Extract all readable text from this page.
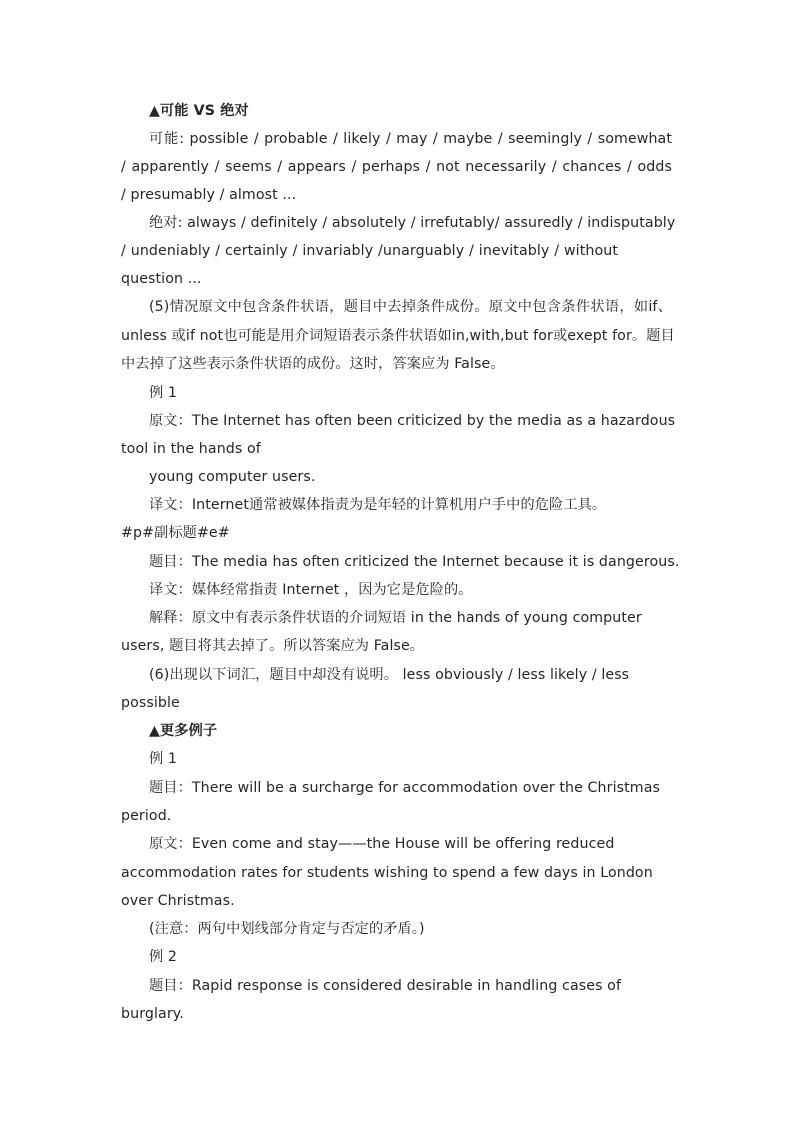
▲可能 VS 绝对
可能: possible / probable / likely / may / maybe / seemingly / somewhat
/ apparently / seems / appears / perhaps / not necessarily / chances / odds
/ presumably / almost ...
绝对: always / definitely / absolutely / irrefutably/ assuredly / indisputably
/ undeniably / certainly / invariably /unarguably / inevitably / without
question ...
(5)情况原文中包含条件状语，题目中去掉条件成份。原文中包含条件状语，如if、
unless 或if not也可能是用介词短语表示条件状语如in,with,but for或exept for。题目
中去掉了这些表示条件状语的成份。这时，答案应为 False。
例 1
原文：The Internet has often been criticized by the media as a hazardous
tool in the hands of
young computer users.
译文：Internet通常被媒体指责为是年轻的计算机用户手中的危险工具。
#p#副标题#e#
题目：The media has often criticized the Internet because it is dangerous.
译文：媒体经常指责 Internet ，因为它是危险的。
解释：原文中有表示条件状语的介词短语 in the hands of young computer
users, 题目将其去掉了。所以答案应为 False。
(6)出现以下词汇，题目中却没有说明。 less obviously / less likely / less
possible
▲更多例子
例 1
题目：There will be a surcharge for accommodation over the Christmas
period.
原文：Even come and stay——the House will be offering reduced
accommodation rates for students wishing to spend a few days in London
over Christmas.
(注意：两句中划线部分肯定与否定的矛盾。)
例 2
题目：Rapid response is considered desirable in handling cases of
burglary.
